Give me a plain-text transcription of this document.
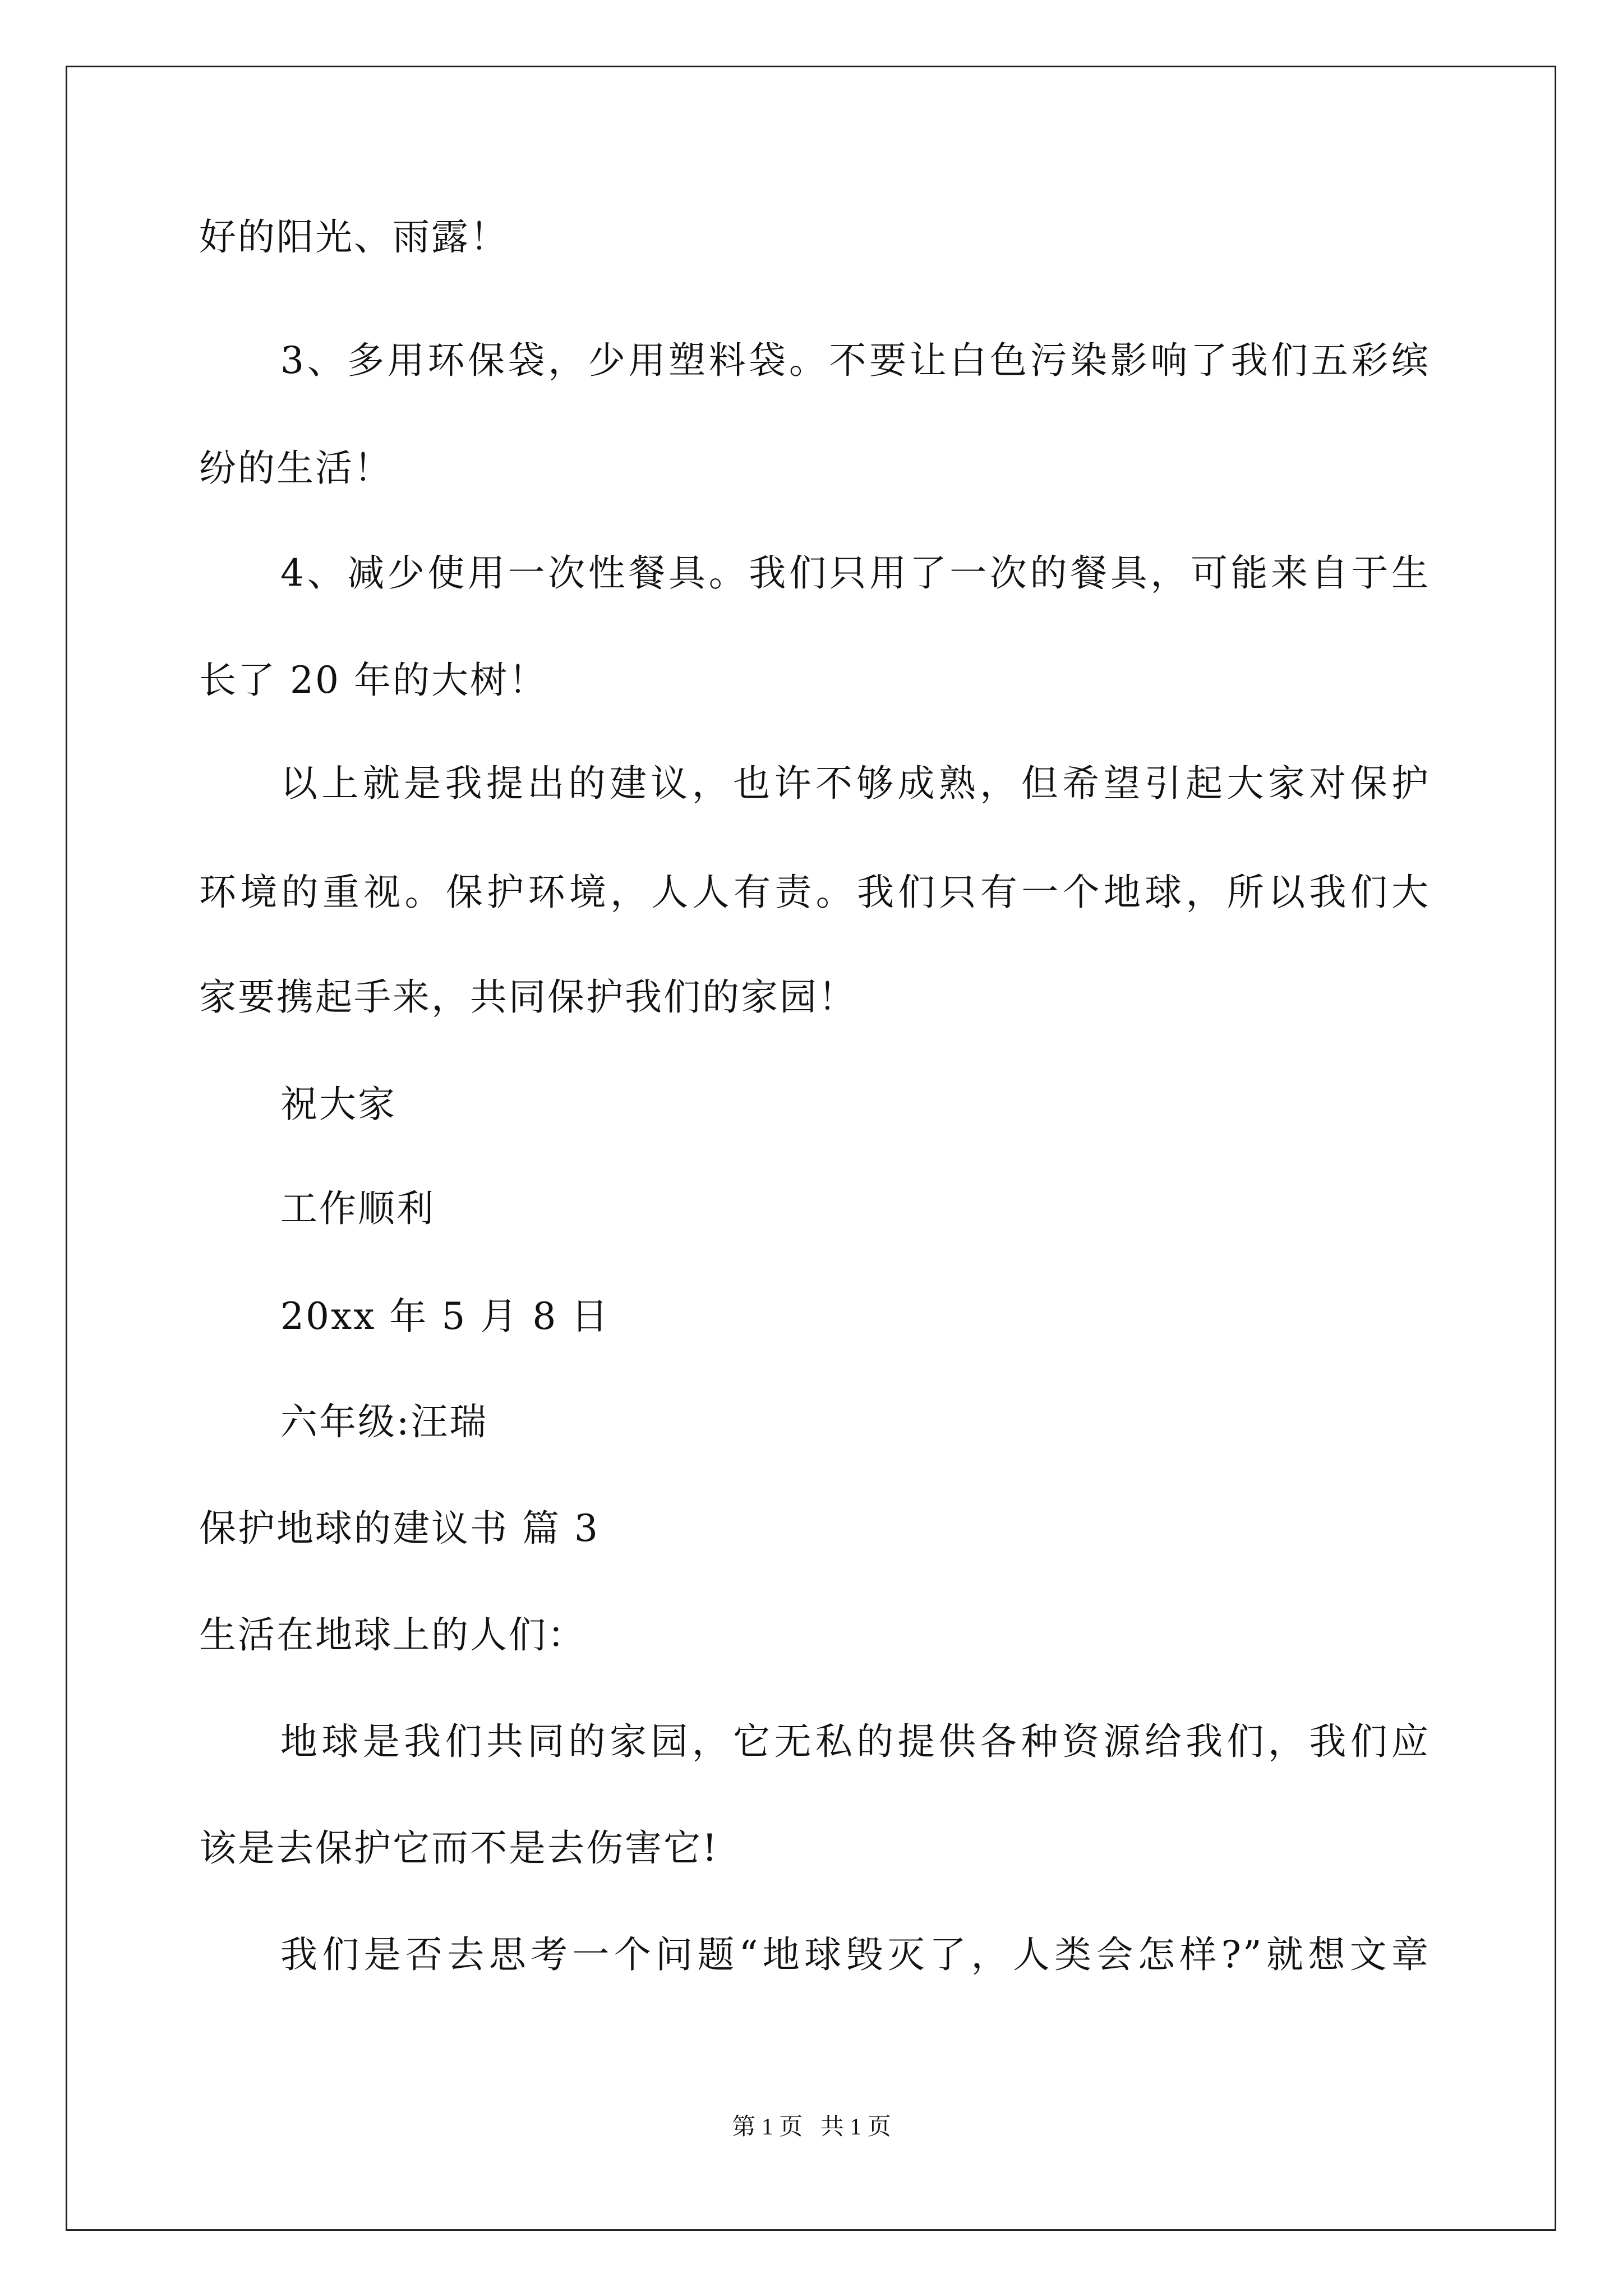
好的阳光、雨露！
3、多用环保袋，少用塑料袋。不要让白色污染影响了我们五彩缤
纷的生活！
4、减少使用一次性餐具。我们只用了一次的餐具，可能来自于生
长了 20 年的大树！
以上就是我提出的建议，也许不够成熟，但希望引起大家对保护
环境的重视。保护环境，人人有责。我们只有一个地球，所以我们大
家要携起手来，共同保护我们的家园！
祝大家
工作顺利
20xx 年 5 月 8 日
六年级:汪瑞
保护地球的建议书 篇 3
生活在地球上的人们：
地球是我们共同的家园，它无私的提供各种资源给我们，我们应
该是去保护它而不是去伤害它!
我们是否去思考一个问题“地球毁灭了，人类会怎样?”就想文章
第 1 页   共 1 页
